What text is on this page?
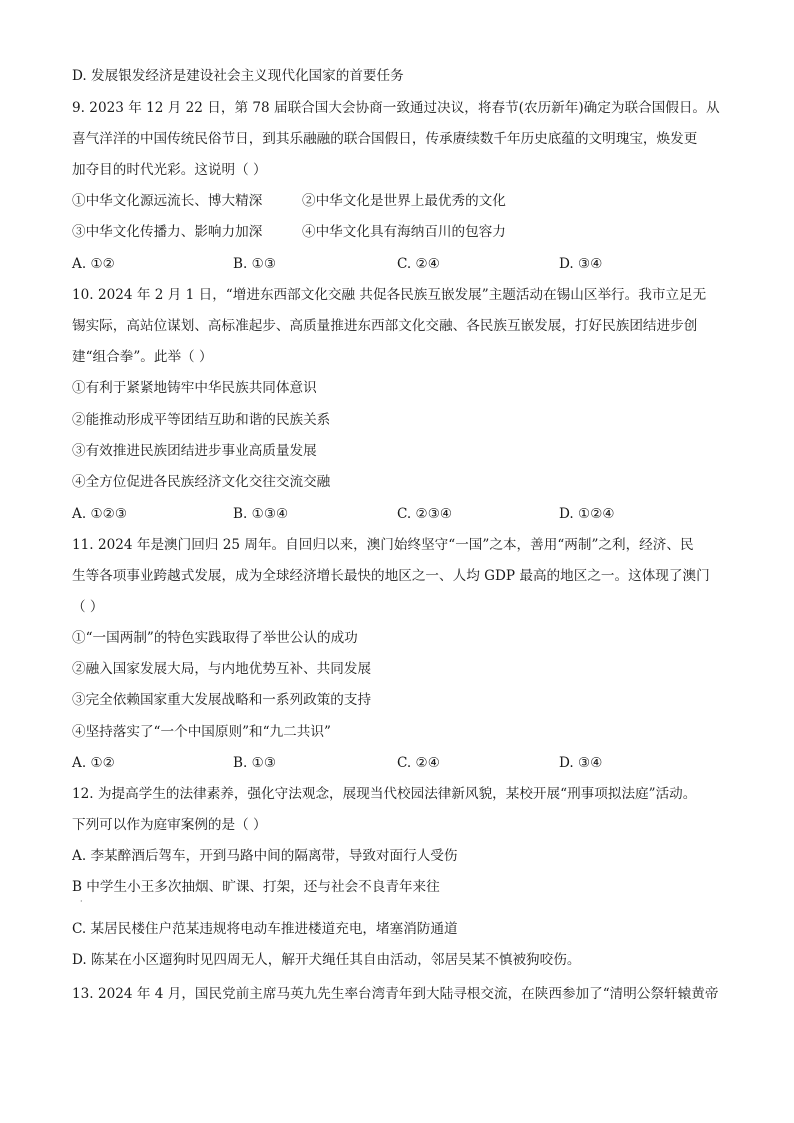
D. 发展银发经济是建设社会主义现代化国家的首要任务
9. 2023 年 12 月 22 日，第 78 届联合国大会协商一致通过决议，将春节(农历新年)确定为联合国假日。从
喜气洋洋的中国传统民俗节日，到其乐融融的联合国假日，传承赓续数千年历史底蕴的文明瑰宝，焕发更
加夺目的时代光彩。这说明（ ）
①中华文化源远流长、博大精深	②中华文化是世界上最优秀的文化
③中华文化传播力、影响力加深	④中华文化具有海纳百川的包容力
A. ①②	B. ①③	C. ②④	D. ③④
10. 2024 年 2 月 1 日，“增进东西部文化交融 共促各民族互嵌发展”主题活动在锡山区举行。我市立足无
锡实际，高站位谋划、高标准起步、高质量推进东西部文化交融、各民族互嵌发展，打好民族团结进步创
建“组合拳”。此举（ ）
①有利于紧紧地铸牢中华民族共同体意识
②能推动形成平等团结互助和谐的民族关系
③有效推进民族团结进步事业高质量发展
④全方位促进各民族经济文化交往交流交融
A. ①②③	B. ①③④	C. ②③④	D. ①②④
11. 2024 年是澳门回归 25 周年。自回归以来，澳门始终坚守“一国”之本，善用“两制”之利，经济、民
生等各项事业跨越式发展，成为全球经济增长最快的地区之一、人均 GDP 最高的地区之一。这体现了澳门
（ ）
①“一国两制”的特色实践取得了举世公认的成功
②融入国家发展大局，与内地优势互补、共同发展
③完全依赖国家重大发展战略和一系列政策的支持
④坚持落实了“一个中国原则”和“九二共识”
A. ①②	B. ①③	C. ②④	D. ③④
12. 为提高学生的法律素养，强化守法观念，展现当代校园法律新风貌，某校开展“刑事项拟法庭”活动。
下列可以作为庭审案例的是（ ）
A. 李某醉酒后驾车，开到马路中间的隔离带，导致对面行人受伤
B 中学生小王多次抽烟、旷课、打架，还与社会不良青年来往
·
C. 某居民楼住户范某违规将电动车推进楼道充电，堵塞消防通道
D. 陈某在小区遛狗时见四周无人，解开犬绳任其自由活动，邻居吴某不慎被狗咬伤。
13. 2024 年 4 月，国民党前主席马英九先生率台湾青年到大陆寻根交流，在陕西参加了“清明公祭轩辕黄帝
